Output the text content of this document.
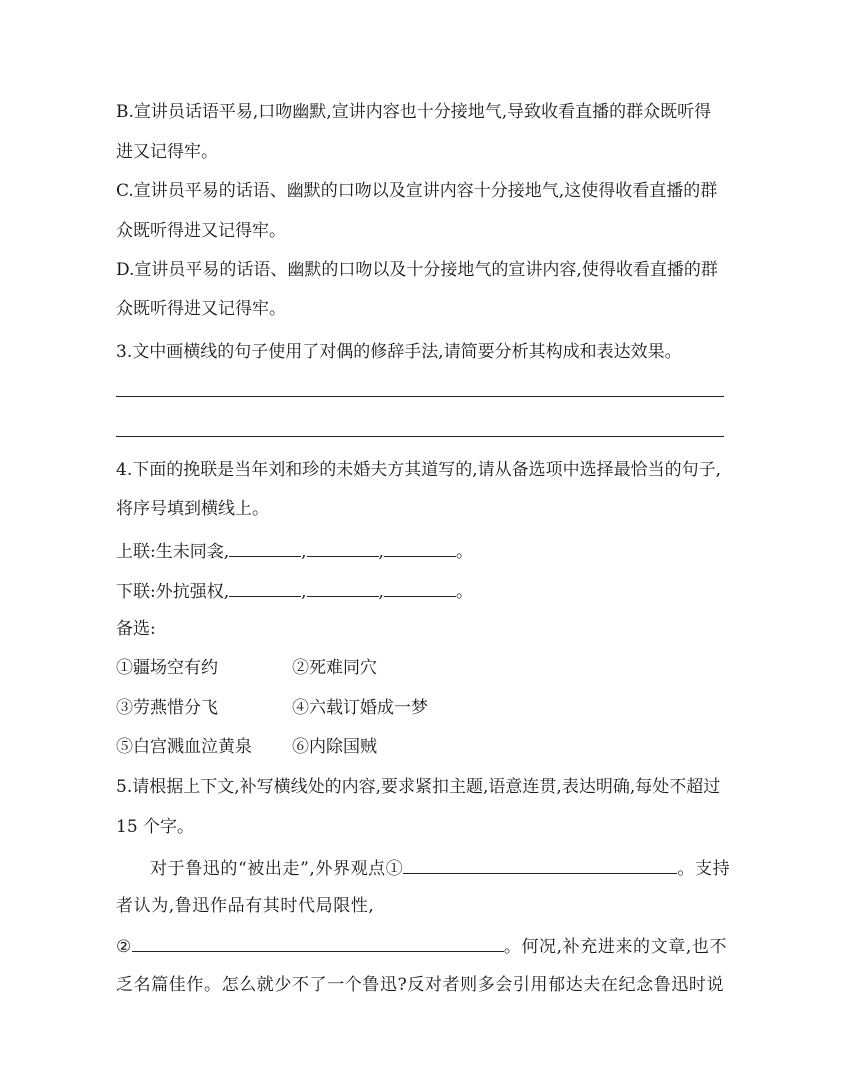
B.宣讲员话语平易,口吻幽默,宣讲内容也十分接地气,导致收看直播的群众既听得
进又记得牢。
C.宣讲员平易的话语、幽默的口吻以及宣讲内容十分接地气,这使得收看直播的群
众既听得进又记得牢。
D.宣讲员平易的话语、幽默的口吻以及十分接地气的宣讲内容,使得收看直播的群
众既听得进又记得牢。
3.文中画横线的句子使用了对偶的修辞手法,请简要分析其构成和表达效果。
4.下面的挽联是当年刘和珍的未婚夫方其道写的,请从备选项中选择最恰当的句子,
将序号填到横线上。
上联:生未同衾,	,	,	。
下联:外抗强权,	,	,	。
备选:
①疆场空有约	②死难同穴
③劳燕惜分飞	④六载订婚成一梦
⑤白宫溅血泣黄泉 ⑥内除国贼
5.请根据上下文,补写横线处的内容,要求紧扣主题,语意连贯,表达明确,每处不超过
15 个字。
对于鲁迅的“被出走”,外界观点①	。支持
者认为,鲁迅作品有其时代局限性,
②	。何况,补充进来的文章,也不
乏名篇佳作。怎么就少不了一个鲁迅?反对者则多会引用郁达夫在纪念鲁迅时说
